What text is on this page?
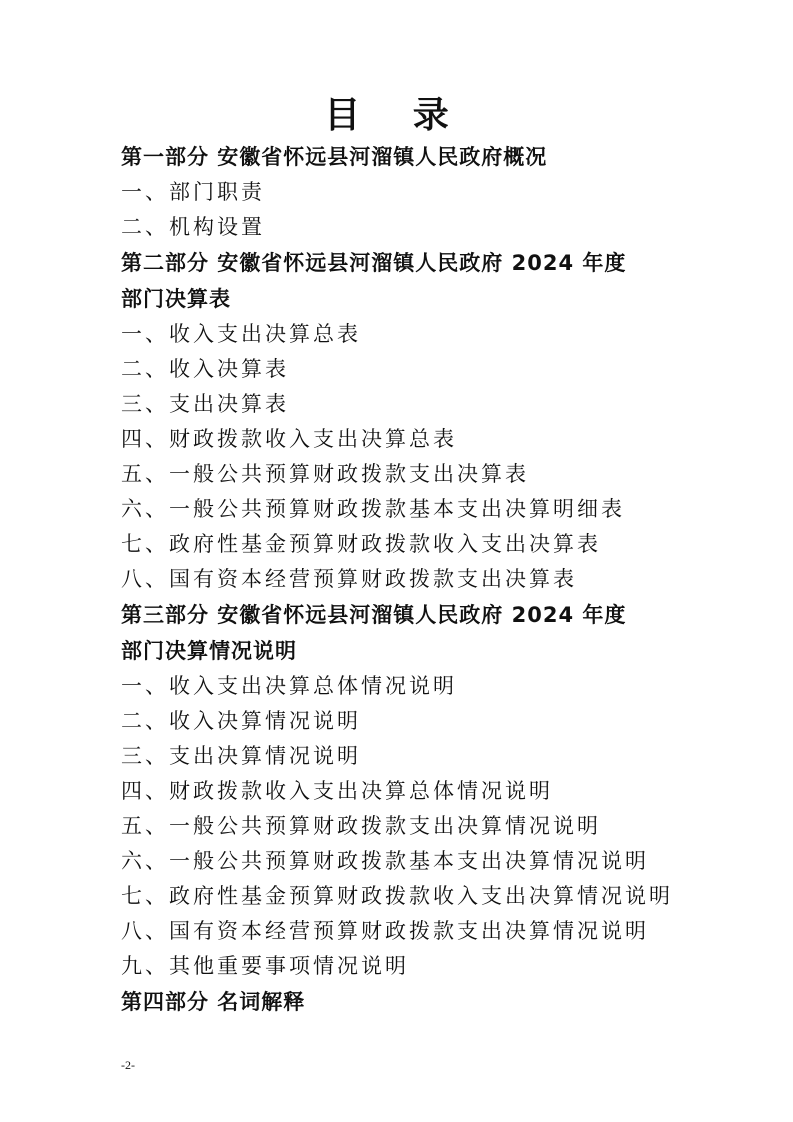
目 录
第一部分 安徽省怀远县河溜镇人民政府概况
一、部门职责
二、机构设置
第二部分 安徽省怀远县河溜镇人民政府 2024 年度
部门决算表
一、收入支出决算总表
二、收入决算表
三、支出决算表
四、财政拨款收入支出决算总表
五、一般公共预算财政拨款支出决算表
六、一般公共预算财政拨款基本支出决算明细表
七、政府性基金预算财政拨款收入支出决算表
八、国有资本经营预算财政拨款支出决算表
第三部分 安徽省怀远县河溜镇人民政府 2024 年度
部门决算情况说明
一、收入支出决算总体情况说明
二、收入决算情况说明
三、支出决算情况说明
四、财政拨款收入支出决算总体情况说明
五、一般公共预算财政拨款支出决算情况说明
六、一般公共预算财政拨款基本支出决算情况说明
七、政府性基金预算财政拨款收入支出决算情况说明
八、国有资本经营预算财政拨款支出决算情况说明
九、其他重要事项情况说明
第四部分 名词解释
-2-
